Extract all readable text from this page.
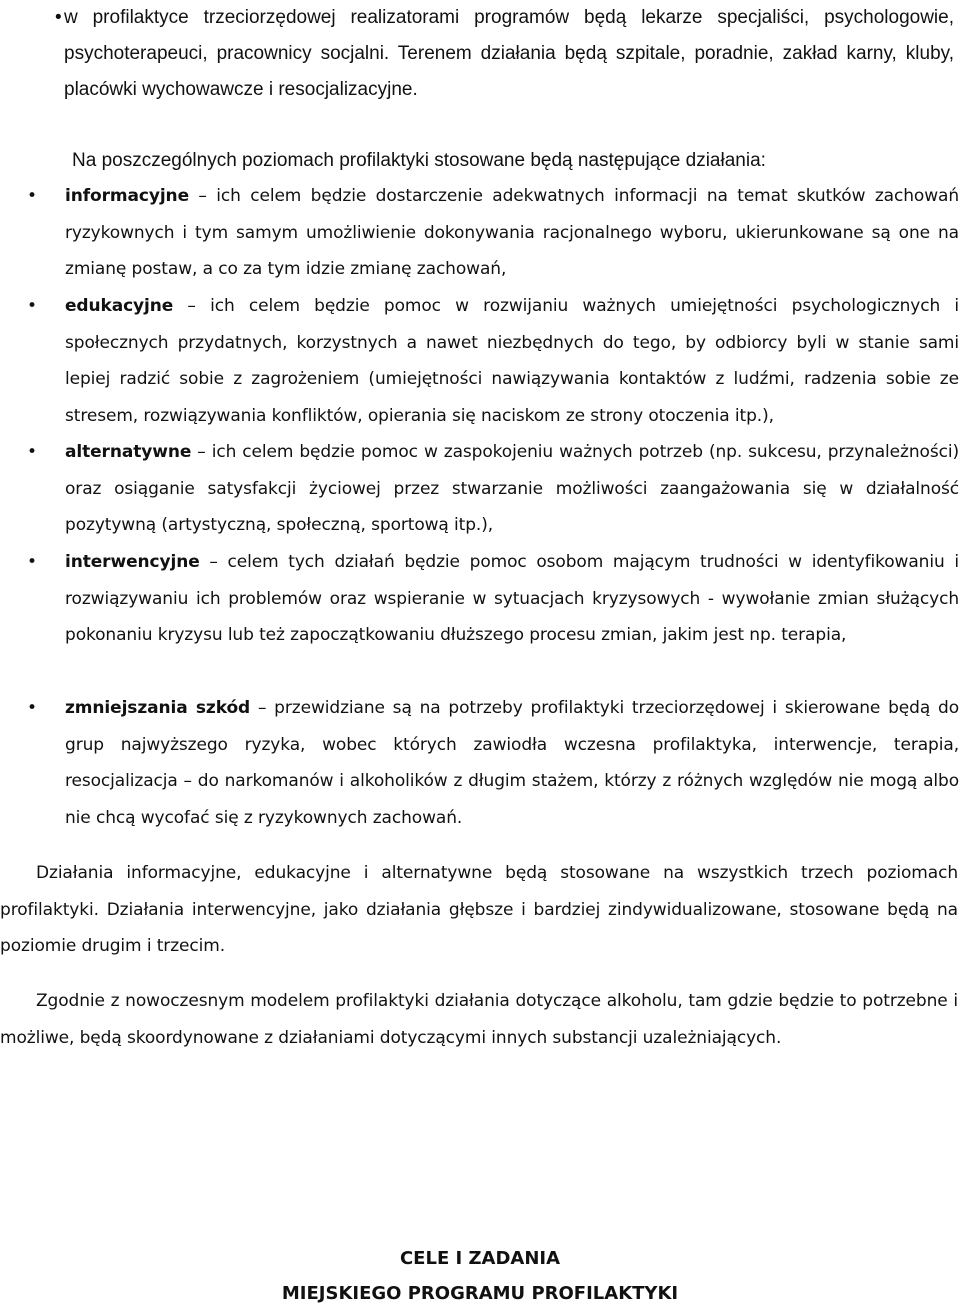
• w profilaktyce trzeciorzędowej realizatorami programów będą lekarze specjaliści, psychologowie, psychoterapeuci, pracownicy socjalni. Terenem działania będą szpitale, poradnie, zakład karny, kluby, placówki wychowawcze i resocjalizacyjne.
Na poszczególnych poziomach profilaktyki stosowane będą następujące działania:
• informacyjne – ich celem będzie dostarczenie adekwatnych informacji na temat skutków zachowań ryzykownych i tym samym umożliwienie dokonywania racjonalnego wyboru, ukierunkowane są one na zmianę postaw, a co za tym idzie zmianę zachowań,
• edukacyjne – ich celem będzie pomoc w rozwijaniu ważnych umiejętności psychologicznych i społecznych przydatnych, korzystnych a nawet niezbędnych do tego, by odbiorcy byli w stanie sami lepiej radzić sobie z zagrożeniem (umiejętności nawiązywania kontaktów z ludźmi, radzenia sobie ze stresem, rozwiązywania konfliktów, opierania się naciskom ze strony otoczenia itp.),
• alternatywne – ich celem będzie pomoc w zaspokojeniu ważnych potrzeb (np. sukcesu, przynależności) oraz osiąganie satysfakcji życiowej przez stwarzanie możliwości zaangażowania się w działalność pozytywną (artystyczną, społeczną, sportową itp.),
• interwencyjne – celem tych działań będzie pomoc osobom mającym trudności w identyfikowaniu i rozwiązywaniu ich problemów oraz wspieranie w sytuacjach kryzysowych - wywołanie zmian służących pokonaniu kryzysu lub też zapoczątkowaniu dłuższego procesu zmian, jakim jest np. terapia,
• zmniejszania szkód – przewidziane są na potrzeby profilaktyki trzeciorzędowej i skierowane będą do grup najwyższego ryzyka, wobec których zawiodła wczesna profilaktyka, interwencje, terapia, resocjalizacja – do narkomanów i alkoholików z długim stażem, którzy z różnych względów nie mogą albo nie chcą wycofać się z ryzykownych zachowań.

Działania informacyjne, edukacyjne i alternatywne będą stosowane na wszystkich trzech poziomach profilaktyki. Działania interwencyjne, jako działania głębsze i bardziej zindywidualizowane, stosowane będą na poziomie drugim i trzecim.

Zgodnie z nowoczesnym modelem profilaktyki działania dotyczące alkoholu, tam gdzie będzie to potrzebne i możliwe, będą skoordynowane z działaniami dotyczącymi innych substancji uzależniających.

CELE I ZADANIA
MIEJSKIEGO PROGRAMU PROFILAKTYKI
